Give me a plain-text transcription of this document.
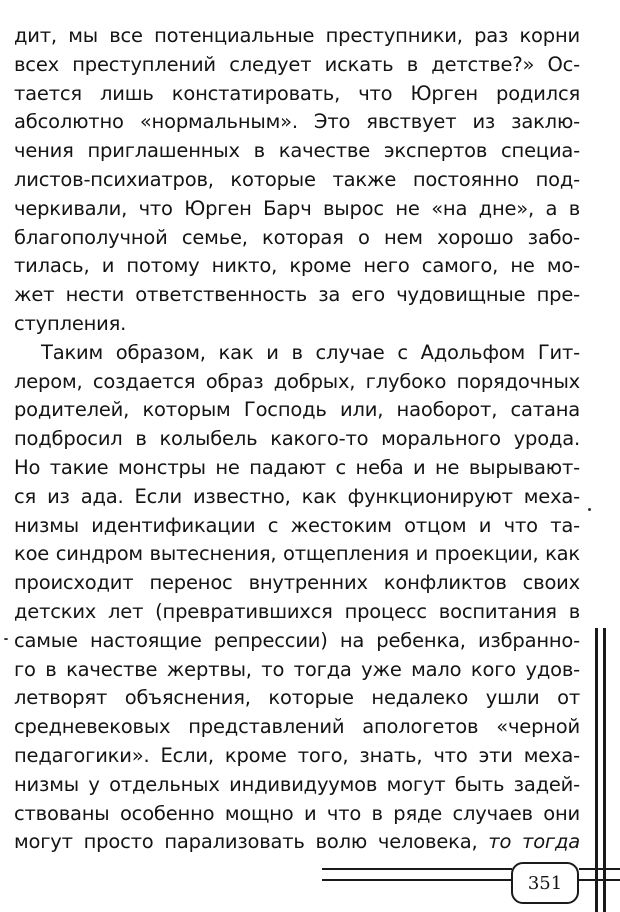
дит, мы все потенциальные преступники, раз корни
всех преступлений следует искать в детстве?» Ос-
тается лишь констатировать, что Юрген родился
абсолютно «нормальным». Это явствует из заклю-
чения приглашенных в качестве экспертов специа-
листов-психиатров, которые также постоянно под-
черкивали, что Юрген Барч вырос не «на дне», а в
благополучной семье, которая о нем хорошо забо-
тилась, и потому никто, кроме него самого, не мо-
жет нести ответственность за его чудовищные пре-
ступления.
Таким образом, как и в случае с Адольфом Гит-
лером, создается образ добрых, глубоко порядочных
родителей, которым Господь или, наоборот, сатана
подбросил в колыбель какого-то морального урода.
Но такие монстры не падают с неба и не вырывают-
ся из ада. Если известно, как функционируют меха-
низмы идентификации с жестоким отцом и что та-
кое синдром вытеснения, отщепления и проекции, как
происходит перенос внутренних конфликтов своих
детских лет (превратившихся процесс воспитания в
самые настоящие репрессии) на ребенка, избранно-
го в качестве жертвы, то тогда уже мало кого удов-
летворят объяснения, которые недалеко ушли от
средневековых представлений апологетов «черной
педагогики». Если, кроме того, знать, что эти меха-
низмы у отдельных индивидуумов могут быть задей-
ствованы особенно мощно и что в ряде случаев они
могут просто парализовать волю человека, то тогда
351
